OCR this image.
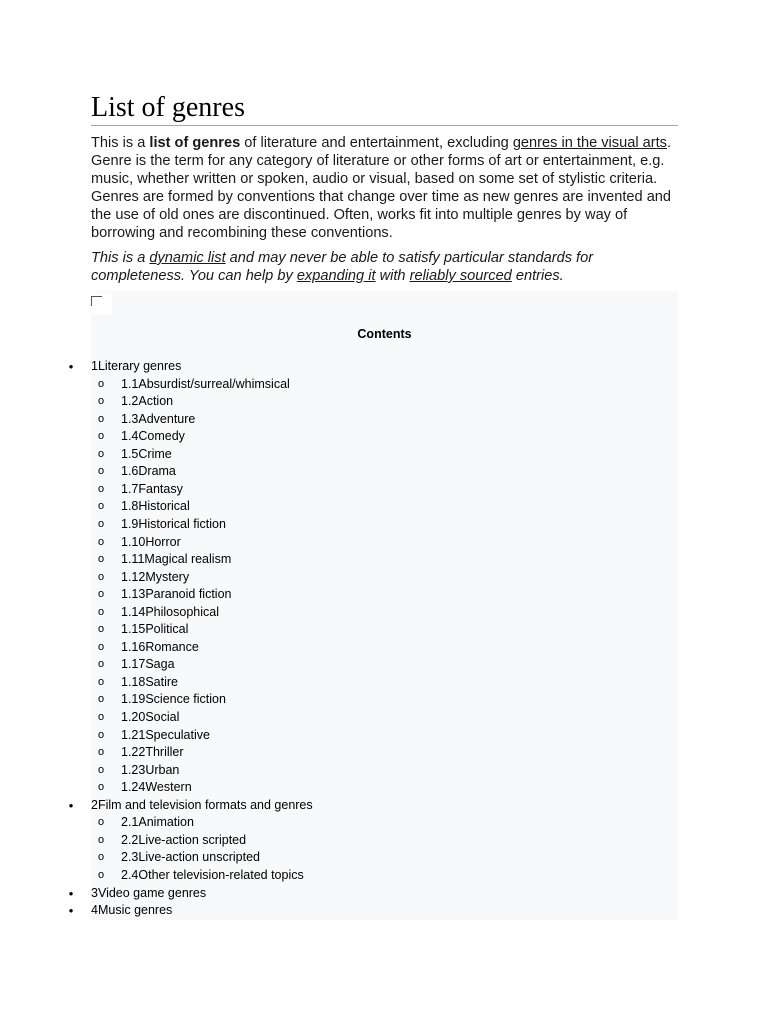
List of genres

This is a list of genres of literature and entertainment, excluding genres in the visual arts. Genre is the term for any category of literature or other forms of art or entertainment, e.g. music, whether written or spoken, audio or visual, based on some set of stylistic criteria. Genres are formed by conventions that change over time as new genres are invented and the use of old ones are discontinued. Often, works fit into multiple genres by way of borrowing and recombining these conventions.

This is a dynamic list and may never be able to satisfy particular standards for completeness. You can help by expanding it with reliably sourced entries.

Contents
• 1Literary genres
o 1.1Absurdist/surreal/whimsical
o 1.2Action
o 1.3Adventure
o 1.4Comedy
o 1.5Crime
o 1.6Drama
o 1.7Fantasy
o 1.8Historical
o 1.9Historical fiction
o 1.10Horror
o 1.11Magical realism
o 1.12Mystery
o 1.13Paranoid fiction
o 1.14Philosophical
o 1.15Political
o 1.16Romance
o 1.17Saga
o 1.18Satire
o 1.19Science fiction
o 1.20Social
o 1.21Speculative
o 1.22Thriller
o 1.23Urban
o 1.24Western
• 2Film and television formats and genres
o 2.1Animation
o 2.2Live-action scripted
o 2.3Live-action unscripted
o 2.4Other television-related topics
• 3Video game genres
• 4Music genres
